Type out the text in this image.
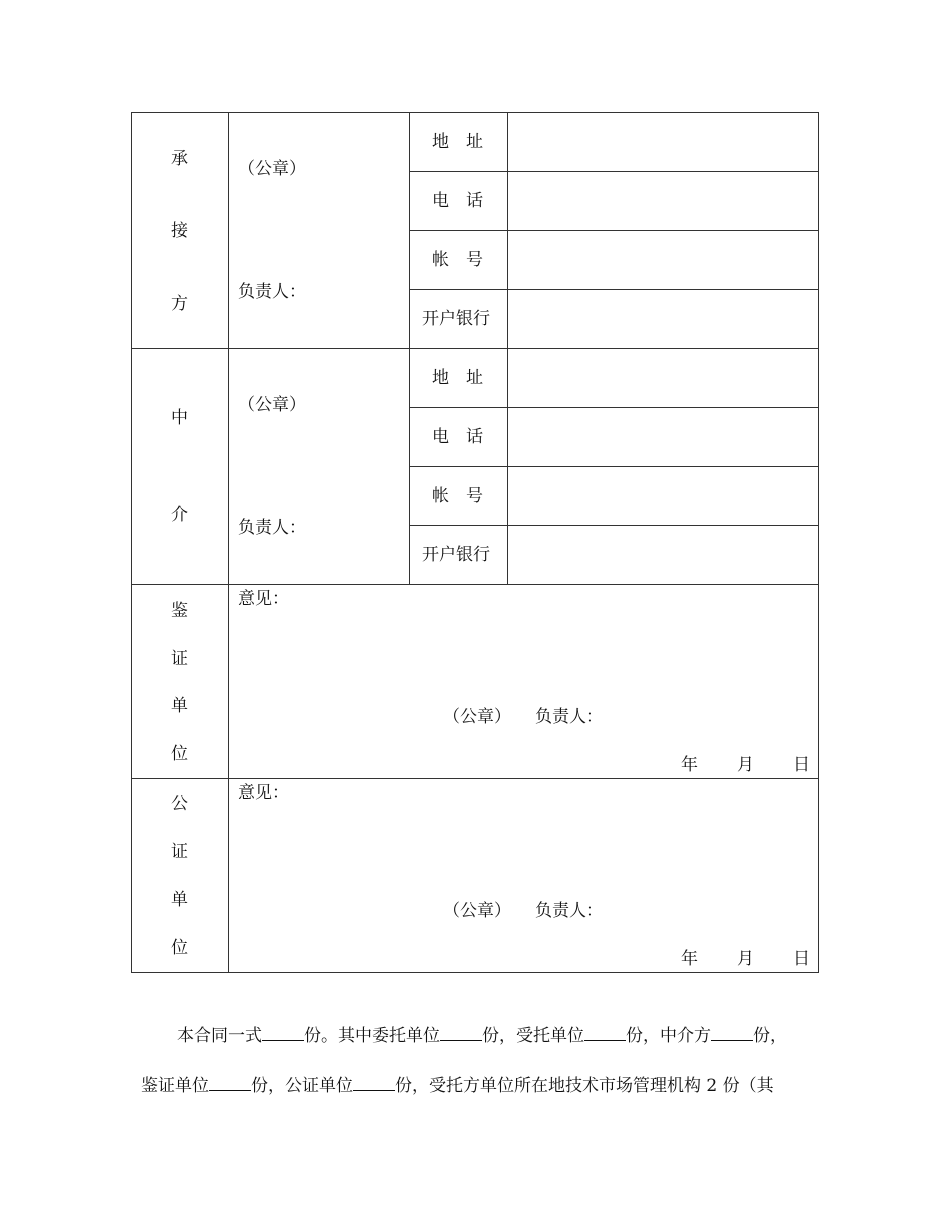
承
接
方
（公章）
负责人：
地　址
电　话
帐　号
开户银行
中
介
（公章）
负责人：
地　址
电　话
帐　号
开户银行
鉴
证
单
位
意见：
（公章） 负责人：
年 月 日
公
证
单
位
意见：
（公章） 负责人：
年 月 日
本合同一式 份。其中委托单位 份，受托单位 份，中介方 份，
鉴证单位 份，公证单位 份，受托方单位所在地技术市场管理机构 2 份（其
